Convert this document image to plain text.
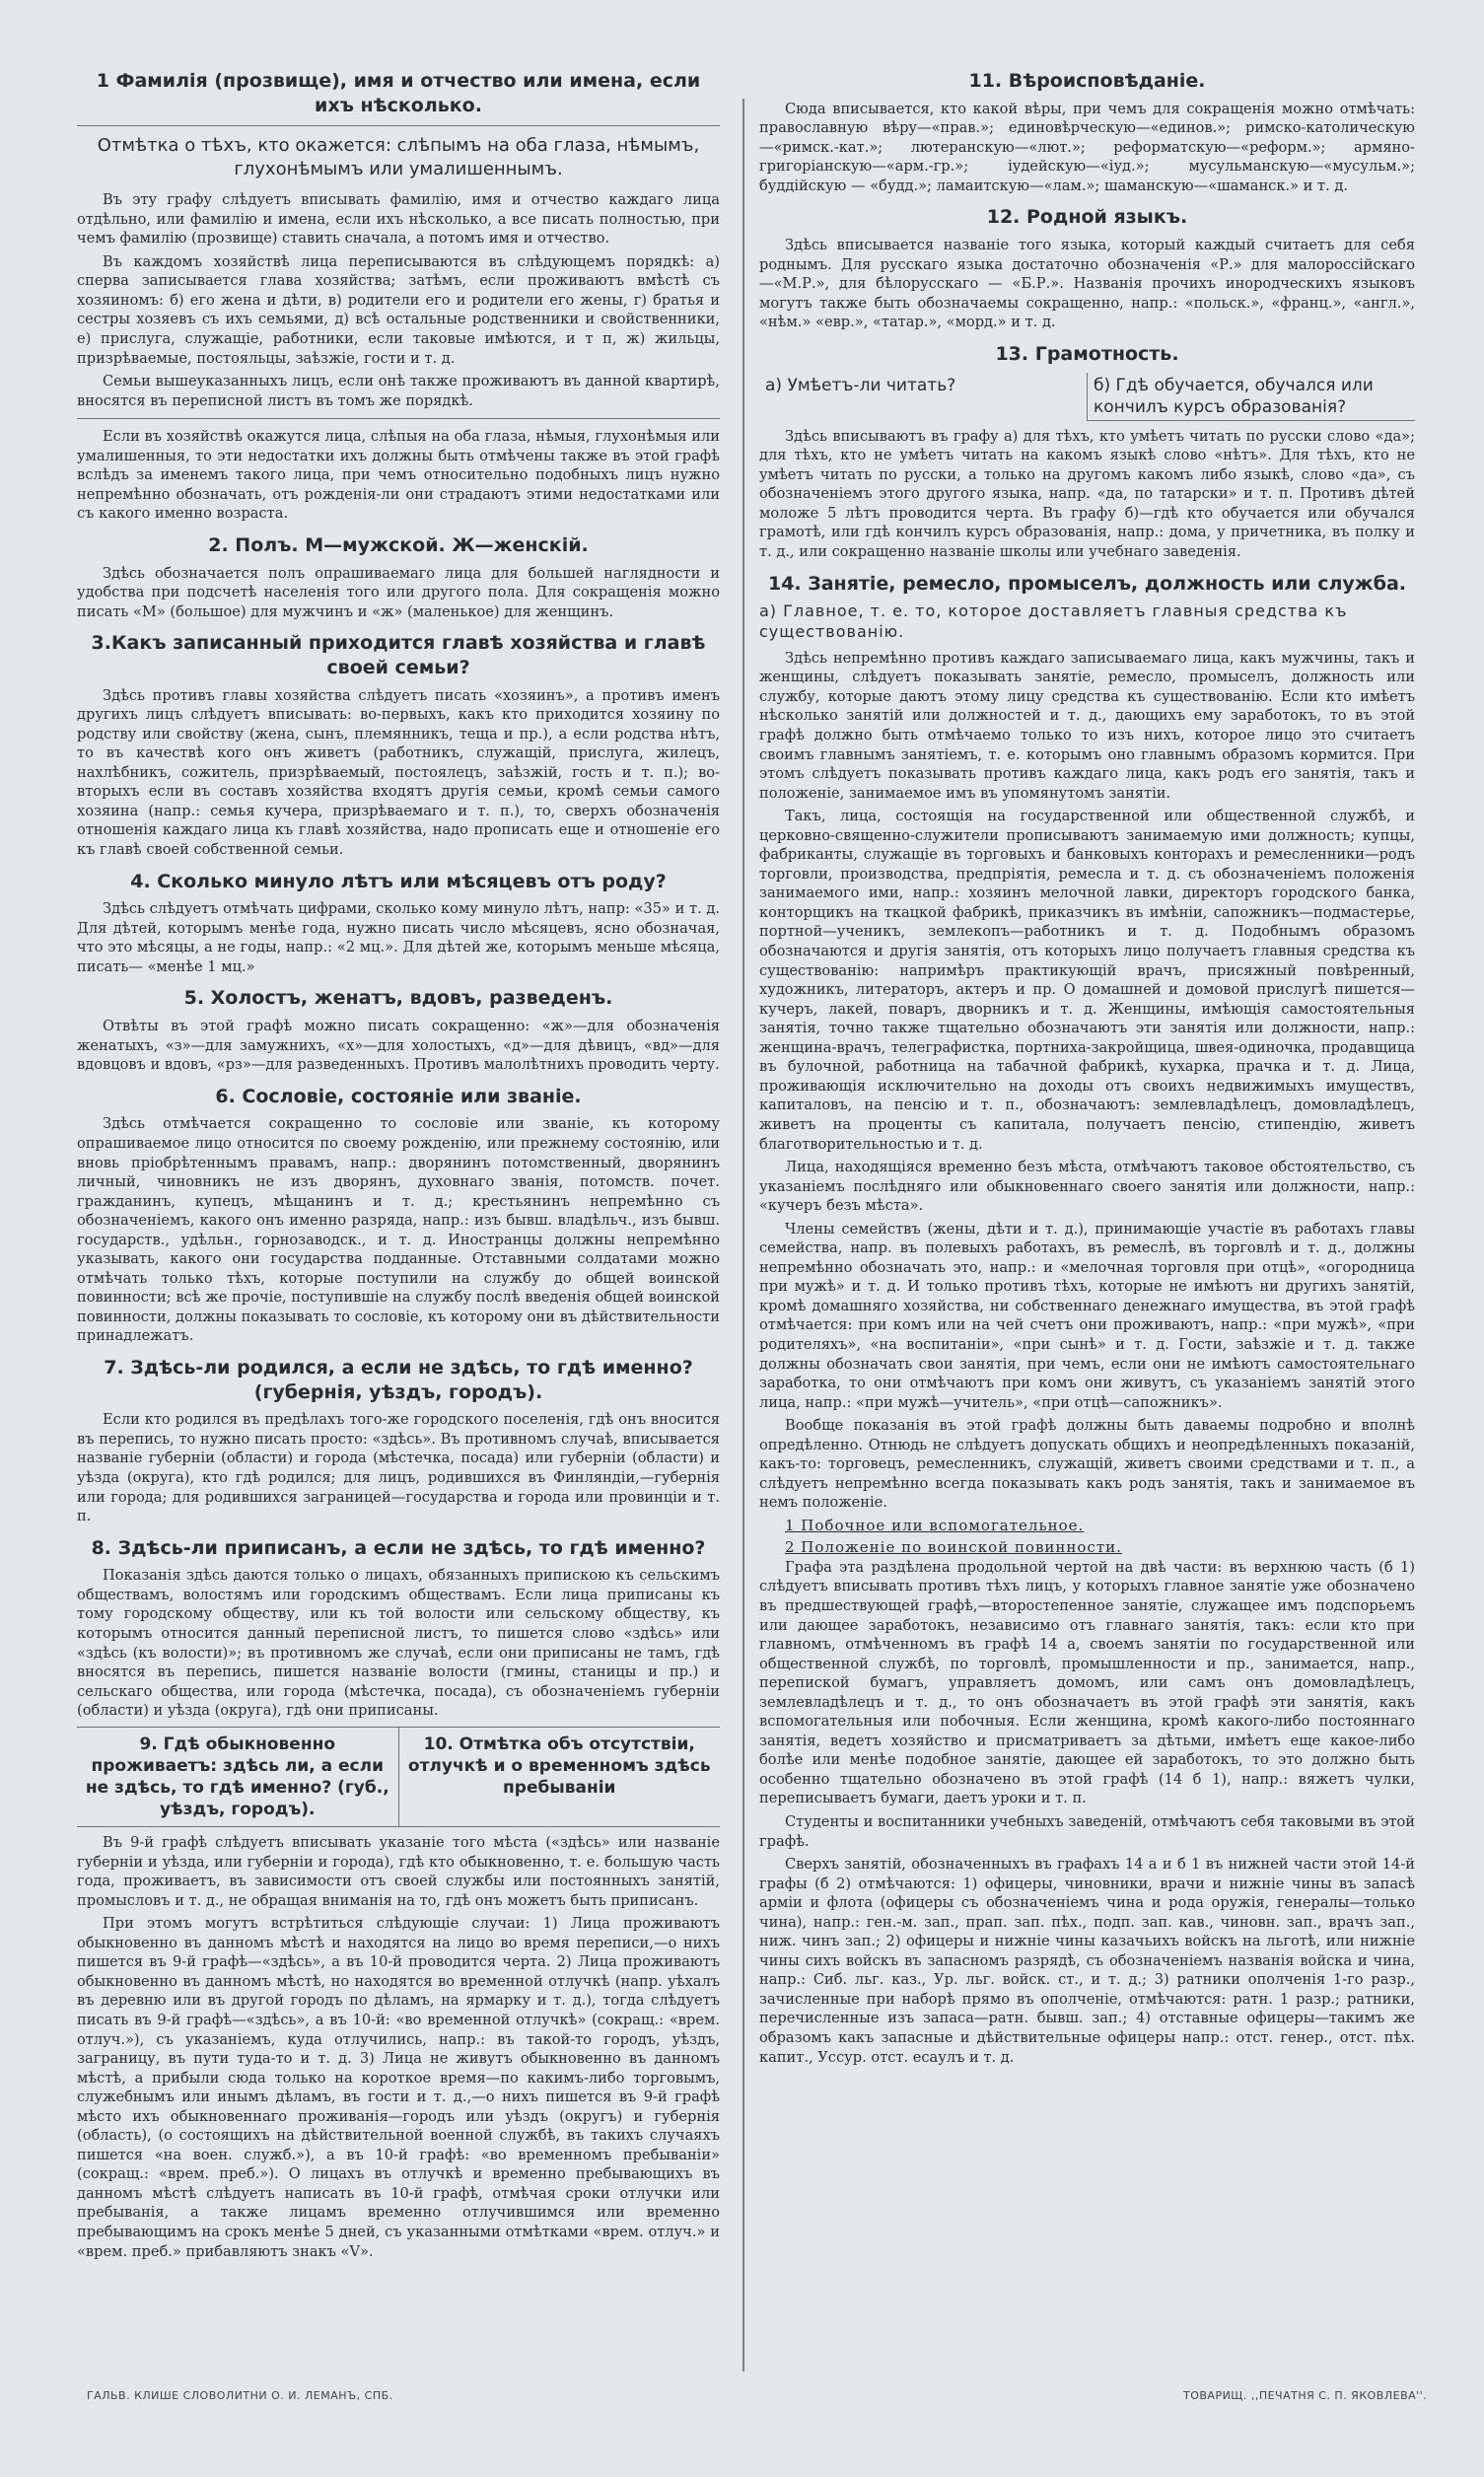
1 Фамилія (прозвище), имя и отчество или имена, если ихъ нѣсколько.
Отмѣтка о тѣхъ, кто окажется: слѣпымъ на оба глаза, нѣмымъ, глухонѣмымъ или умалишеннымъ.

Въ эту графу слѣдуетъ вписывать фамилію, имя и отчество каждаго лица отдѣльно, или фамилію и имена, если ихъ нѣсколько, а все писать полностью, при чемъ фамилію (прозвище) ставить сначала, а потомъ имя и отчество.

Въ каждомъ хозяйствѣ лица переписываются въ слѣдующемъ порядкѣ: а) сперва записывается глава хозяйства; затѣмъ, если проживаютъ вмѣстѣ съ хозяиномъ: б) его жена и дѣти, в) родители его и родители его жены, г) братья и сестры хозяевъ съ ихъ семьями, д) всѣ остальные родственники и свойственники, е) прислуга, служащіе, работники, если таковые имѣются, и т п, ж) жильцы, призрѣваемые, постояльцы, заѣзжіе, гости и т. д.

Семьи вышеуказанныхъ лицъ, если онѣ также проживаютъ въ данной квартирѣ, вносятся въ переписной листъ въ томъ же порядкѣ.

Если въ хозяйствѣ окажутся лица, слѣпыя на оба глаза, нѣмыя, глухонѣмыя или умалишенныя, то эти недостатки ихъ должны быть отмѣчены также въ этой графѣ вслѣдъ за именемъ такого лица, при чемъ относительно подобныхъ лицъ нужно непремѣнно обозначать, отъ рожденія-ли они страдаютъ этими недостатками или съ какого именно возраста.

2. Полъ. М—мужской. Ж—женскій.

Здѣсь обозначается полъ опрашиваемаго лица для большей наглядности и удобства при подсчетѣ населенія того или другого пола. Для сокращенія можно писать «М» (большое) для мужчинъ и «ж» (маленькое) для женщинъ.

3.Какъ записанный приходится главѣ хозяйства и главѣ своей семьи?

Здѣсь противъ главы хозяйства слѣдуетъ писать «хозяинъ», а противъ именъ другихъ лицъ слѣдуетъ вписывать: во-первыхъ, какъ кто приходится хозяину по родству или свойству (жена, сынъ, племянникъ, теща и пр.), а если родства нѣтъ, то въ качествѣ кого онъ живетъ (работникъ, служащій, прислуга, жилецъ, нахлѣбникъ, сожитель, призрѣваемый, постоялецъ, заѣзжій, гость и т. п.); во-вторыхъ если въ составъ хозяйства входятъ другія семьи, кромѣ семьи самого хозяина (напр.: семья кучера, призрѣваемаго и т. п.), то, сверхъ обозначенія отношенія каждаго лица къ главѣ хозяйства, надо прописать еще и отношеніе его къ главѣ своей собственной семьи.

4. Сколько минуло лѣтъ или мѣсяцевъ отъ роду?

Здѣсь слѣдуетъ отмѣчать цифрами, сколько кому минуло лѣтъ, напр: «35» и т. д. Для дѣтей, которымъ менѣе года, нужно писать число мѣсяцевъ, ясно обозначая, что это мѣсяцы, а не годы, напр.: «2 мц.». Для дѣтей же, которымъ меньше мѣсяца, писать— «менѣе 1 мц.»

5. Холостъ, женатъ, вдовъ, разведенъ.

Отвѣты въ этой графѣ можно писать сокращенно: «ж»—для обозначенія женатыхъ, «з»—для замужнихъ, «х»—для холостыхъ, «д»—для дѣвицъ, «вд»—для вдовцовъ и вдовъ, «рз»—для разведенныхъ. Противъ малолѣтнихъ проводить черту.

6. Сословіе, состояніе или званіе.

Здѣсь отмѣчается сокращенно то сословіе или званіе, къ которому опрашиваемое лицо относится по своему рожденію, или прежнему состоянію, или вновь пріобрѣтеннымъ правамъ, напр.: дворянинъ потомственный, дворянинъ личный, чиновникъ не изъ дворянъ, духовнаго званія, потомств. почет. гражданинъ, купецъ, мѣщанинъ и т. д.; крестьянинъ непремѣнно съ обозначеніемъ, какого онъ именно разряда, напр.: изъ бывш. владѣльч., изъ бывш. государств., удѣльн., горнозаводск., и т. д. Иностранцы должны непремѣнно указывать, какого они государства подданные. Отставными солдатами можно отмѣчать только тѣхъ, которые поступили на службу до общей воинской повинности; всѣ же прочіе, поступившіе на службу послѣ введенія общей воинской повинности, должны показывать то сословіе, къ которому они въ дѣйствительности принадлежатъ.

7. Здѣсь-ли родился, а если не здѣсь, то гдѣ именно? (губернія, уѣздъ, городъ).

Если кто родился въ предѣлахъ того-же городского поселенія, гдѣ онъ вносится въ перепись, то нужно писать просто: «здѣсь». Въ противномъ случаѣ, вписывается названіе губерніи (области) и города (мѣстечка, посада) или губерніи (области) и уѣзда (округа), кто гдѣ родился; для лицъ, родившихся въ Финляндіи,—губернія или города; для родившихся заграницей—государства и города или провинціи и т. п.

8. Здѣсь-ли приписанъ, а если не здѣсь, то гдѣ именно?

Показанія здѣсь даются только о лицахъ, обязанныхъ припискою къ сельскимъ обществамъ, волостямъ или городскимъ обществамъ. Если лица приписаны къ тому городскому обществу, или къ той волости или сельскому обществу, къ которымъ относится данный переписной листъ, то пишется слово «здѣсь» или «здѣсь (къ волости)»; въ противномъ же случаѣ, если они приписаны не тамъ, гдѣ вносятся въ перепись, пишется названіе волости (гмины, станицы и пр.) и сельскаго общества, или города (мѣстечка, посада), съ обозначеніемъ губерніи (области) и уѣзда (округа), гдѣ они приписаны.

9. Гдѣ обыкновенно проживаетъ: здѣсь ли, а если не здѣсь, то гдѣ именно? (губ., уѣздъ, городъ).
10. Отмѣтка объ отсутствіи, отлучкѣ и о временномъ здѣсь пребываніи

Въ 9-й графѣ слѣдуетъ вписывать указаніе того мѣста («здѣсь» или названіе губерніи и уѣзда, или губерніи и города), гдѣ кто обыкновенно, т. е. большую часть года, проживаетъ, въ зависимости отъ своей службы или постоянныхъ занятій, промысловъ и т. д., не обращая вниманія на то, гдѣ онъ можетъ быть приписанъ.

При этомъ могутъ встрѣтиться слѣдующіе случаи: 1) Лица проживаютъ обыкновенно въ данномъ мѣстѣ и находятся на лицо во время переписи,—о нихъ пишется въ 9-й графѣ—«здѣсь», а въ 10-й проводится черта. 2) Лица проживаютъ обыкновенно въ данномъ мѣстѣ, но находятся во временной отлучкѣ (напр. уѣхалъ въ деревню или въ другой городъ по дѣламъ, на ярмарку и т. д.), тогда слѣдуетъ писать въ 9-й графѣ—«здѣсь», а въ 10-й: «во временной отлучкѣ» (сокращ.: «врем. отлуч.»), съ указаніемъ, куда отлучились, напр.: въ такой-то городъ, уѣздъ, заграницу, въ пути туда-то и т. д. 3) Лица не живутъ обыкновенно въ данномъ мѣстѣ, а прибыли сюда только на короткое время—по какимъ-либо торговымъ, служебнымъ или инымъ дѣламъ, въ гости и т. д.,—о нихъ пишется въ 9-й графѣ мѣсто ихъ обыкновеннаго проживанія—городъ или уѣздъ (округъ) и губернія (область), (о состоящихъ на дѣйствительной военной службѣ, въ такихъ случаяхъ пишется «на воен. служб.»), а въ 10-й графѣ: «во временномъ пребываніи» (сокращ.: «врем. преб.»). О лицахъ въ отлучкѣ и временно пребывающихъ въ данномъ мѣстѣ слѣдуетъ написать въ 10-й графѣ, отмѣчая сроки отлучки или пребыванія, а также лицамъ временно отлучившимся или временно пребывающимъ на срокъ менѣе 5 дней, съ указанными отмѣтками «врем. отлуч.» и «врем. преб.» прибавляютъ знакъ «V».

11. Вѣроисповѣданіе.

Сюда вписывается, кто какой вѣры, при чемъ для сокращенія можно отмѣчать: православную вѣру—«прав.»; единовѣрческую—«единов.»; римско-католическую—«римск.-кат.»; лютеранскую—«лют.»; реформатскую—«реформ.»; армяно-григоріанскую—«арм.-гр.»; іудейскую—«іуд.»; мусульманскую—«мусульм.»; буддійскую — «будд.»; ламаитскую—«лам.»; шаманскую—«шаманск.» и т. д.

12. Родной языкъ.

Здѣсь вписывается названіе того языка, который каждый считаетъ для себя роднымъ. Для русскаго языка достаточно обозначенія «Р.» для малороссійскаго—«М.Р.», для бѣлорусскаго — «Б.Р.». Названія прочихъ инородческихъ языковъ могутъ также быть обозначаемы сокращенно, напр.: «польск.», «франц.», «англ.», «нѣм.» «евр.», «татар.», «морд.» и т. д.

13. Грамотность.
а) Умѣетъ-ли читать?	б) Гдѣ обучается, обучался или кончилъ курсъ образованія?

Здѣсь вписываютъ въ графу а) для тѣхъ, кто умѣетъ читать по русски слово «да»; для тѣхъ, кто не умѣетъ читать на какомъ языкѣ слово «нѣтъ». Для тѣхъ, кто не умѣетъ читать по русски, а только на другомъ какомъ либо языкѣ, слово «да», съ обозначеніемъ этого другого языка, напр. «да, по татарски» и т. п. Противъ дѣтей моложе 5 лѣтъ проводится черта. Въ графу б)—гдѣ кто обучается или обучался грамотѣ, или гдѣ кончилъ курсъ образованія, напр.: дома, у причетника, въ полку и т. д., или сокращенно названіе школы или учебнаго заведенія.

14. Занятіе, ремесло, промыселъ, должность или служба.
а) Главное, т. е. то, которое доставляетъ главныя средства къ существованію.

Здѣсь непремѣнно противъ каждаго записываемаго лица, какъ мужчины, такъ и женщины, слѣдуетъ показывать занятіе, ремесло, промыселъ, должность или службу, которые даютъ этому лицу средства къ существованію. Если кто имѣетъ нѣсколько занятій или должностей и т. д., дающихъ ему заработокъ, то въ этой графѣ должно быть отмѣчаемо только то изъ нихъ, которое лицо это считаетъ своимъ главнымъ занятіемъ, т. е. которымъ оно главнымъ образомъ кормится. При этомъ слѣдуетъ показывать противъ каждаго лица, какъ родъ его занятія, такъ и положеніе, занимаемое имъ въ упомянутомъ занятіи.

Такъ, лица, состоящія на государственной или общественной службѣ, и церковно-священно-служители прописываютъ занимаемую ими должность; купцы, фабриканты, служащіе въ торговыхъ и банковыхъ конторахъ и ремесленники—родъ торговли, производства, предпріятія, ремесла и т. д. съ обозначеніемъ положенія занимаемого ими, напр.: хозяинъ мелочной лавки, директоръ городского банка, конторщикъ на ткацкой фабрикѣ, приказчикъ въ имѣніи, сапожникъ—подмастерье, портной—ученикъ, землекопъ—работникъ и т. д. Подобнымъ образомъ обозначаются и другія занятія, отъ которыхъ лицо получаетъ главныя средства къ существованію: напримѣръ практикующій врачъ, присяжный повѣренный, художникъ, литераторъ, актеръ и пр. О домашней и домовой прислугѣ пишется—кучеръ, лакей, поваръ, дворникъ и т. д. Женщины, имѣющія самостоятельныя занятія, точно также тщательно обозначаютъ эти занятія или должности, напр.: женщина-врачъ, телеграфистка, портниха-закройщица, швея-одиночка, продавщица въ булочной, работница на табачной фабрикѣ, кухарка, прачка и т. д. Лица, проживающія исключительно на доходы отъ своихъ недвижимыхъ имуществъ, капиталовъ, на пенсію и т. п., обозначаютъ: землевладѣлецъ, домовладѣлецъ, живетъ на проценты съ капитала, получаетъ пенсію, стипендію, живетъ благотворительностью и т. д.

Лица, находящіяся временно безъ мѣста, отмѣчаютъ таковое обстоятельство, съ указаніемъ послѣдняго или обыкновеннаго своего занятія или должности, напр.: «кучеръ безъ мѣста».

Члены семействъ (жены, дѣти и т. д.), принимающіе участіе въ работахъ главы семейства, напр. въ полевыхъ работахъ, въ ремеслѣ, въ торговлѣ и т. д., должны непремѣнно обозначать это, напр.: и «мелочная торговля при отцѣ», «огородница при мужѣ» и т. д. И только противъ тѣхъ, которые не имѣютъ ни другихъ занятій, кромѣ домашняго хозяйства, ни собственнаго денежнаго имущества, въ этой графѣ отмѣчается: при комъ или на чей счетъ они проживаютъ, напр.: «при мужѣ», «при родителяхъ», «на воспитаніи», «при сынѣ» и т. д. Гости, заѣзжіе и т. д. также должны обозначать свои занятія, при чемъ, если они не имѣютъ самостоятельнаго заработка, то они отмѣчаютъ при комъ они живутъ, съ указаніемъ занятій этого лица, напр.: «при мужѣ—учитель», «при отцѣ—сапожникъ».

Вообще показанія въ этой графѣ должны быть даваемы подробно и вполнѣ опредѣленно. Отнюдь не слѣдуетъ допускать общихъ и неопредѣленныхъ показаній, какъ-то: торговецъ, ремесленникъ, служащій, живетъ своими средствами и т. п., а слѣдуетъ непремѣнно всегда показывать какъ родъ занятія, такъ и занимаемое въ немъ положеніе.

1 Побочное или вспомогательное.
2 Положеніе по воинской повинности.

Графа эта раздѣлена продольной чертой на двѣ части: въ верхнюю часть (б 1) слѣдуетъ вписывать противъ тѣхъ лицъ, у которыхъ главное занятіе уже обозначено въ предшествующей графѣ,—второстепенное занятіе, служащее имъ подспорьемъ или дающее заработокъ, независимо отъ главнаго занятія, такъ: если кто при главномъ, отмѣченномъ въ графѣ 14 а, своемъ занятіи по государственной или общественной службѣ, по торговлѣ, промышленности и пр., занимается, напр., перепиской бумагъ, управляетъ домомъ, или самъ онъ домовладѣлецъ, землевладѣлецъ и т. д., то онъ обозначаетъ въ этой графѣ эти занятія, какъ вспомогательныя или побочныя. Если женщина, кромѣ какого-либо постояннаго занятія, ведетъ хозяйство и присматриваетъ за дѣтьми, имѣетъ еще какое-либо болѣе или менѣе подобное занятіе, дающее ей заработокъ, то это должно быть особенно тщательно обозначено въ этой графѣ (14 б 1), напр.: вяжетъ чулки, переписываетъ бумаги, даетъ уроки и т. п.

Студенты и воспитанники учебныхъ заведеній, отмѣчаютъ себя таковыми въ этой графѣ.

Сверхъ занятій, обозначенныхъ въ графахъ 14 а и б 1 въ нижней части этой 14-й графы (б 2) отмѣчаются: 1) офицеры, чиновники, врачи и нижніе чины въ запасѣ арміи и флота (офицеры съ обозначеніемъ чина и рода оружія, генералы—только чина), напр.: ген.-м. зап., прап. зап. пѣх., подп. зап. кав., чиновн. зап., врачъ зап., ниж. чинъ зап.; 2) офицеры и нижніе чины казачьихъ войскъ на льготѣ, или нижніе чины сихъ войскъ въ запасномъ разрядѣ, съ обозначеніемъ названія войска и чина, напр.: Сиб. льг. каз., Ур. льг. войск. ст., и т. д.; 3) ратники ополченія 1-го разр., зачисленные при наборѣ прямо въ ополченіе, отмѣчаются: ратн. 1 разр.; ратники, перечисленные изъ запаса—ратн. бывш. зап.; 4) отставные офицеры—такимъ же образомъ какъ запасные и дѣйствительные офицеры напр.: отст. генер., отст. пѣх. капит., Уссур. отст. есаулъ и т. д.

ГАЛЬВ. КЛИШЕ СЛОВОЛИТНИ О. И. ЛЕМАНЪ, СПБ.	ТОВАРИЩ. ,,ПЕЧАТНЯ С. П. ЯКОВЛЕВА''.
